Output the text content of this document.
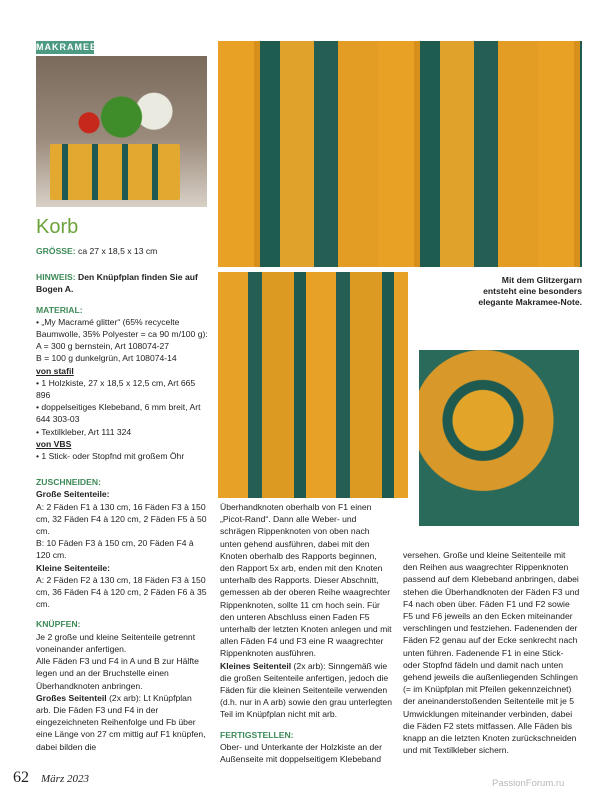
MAKRAMEE
Korb

GRÖSSE: ca 27 x 18,5 x 13 cm

HINWEIS: Den Knüpfplan finden Sie auf Bogen A.

MATERIAL:

• „My Macramé glitter“ (65% recycelte Baumwolle, 35% Polyester = ca 90 m/100 g):

A = 300 g bernstein, Art 108074-27

B = 100 g dunkelgrün, Art 108074-14

von stafil

• 1 Holzkiste, 27 x 18,5 x 12,5 cm, Art 665 896

• doppelseitiges Klebeband, 6 mm breit, Art 644 303-03

• Textilkleber, Art 111 324

von VBS

• 1 Stick- oder Stopfnd mit großem Öhr

ZUSCHNEIDEN:

Große Seitenteile:

A: 2 Fäden F1 à 130 cm, 16 Fäden F3 à 150 cm, 32 Fäden F4 à 120 cm, 2 Fäden F5 à 50 cm.

B: 10 Fäden F3 à 150 cm, 20 Fäden F4 à 120 cm.

Kleine Seitenteile:

A: 2 Fäden F2 à 130 cm, 18 Fäden F3 à 150 cm, 36 Fäden F4 à 120 cm, 2 Fäden F6 à 35 cm.

KNÜPFEN:

Je 2 große und kleine Seitenteile getrennt voneinander anfertigen.

Alle Fäden F3 und F4 in A und B zur Hälfte legen und an der Bruchstelle einen Überhandknoten anbringen.

Großes Seitenteil (2x arb): Lt Knüpfplan arb. Die Fäden F3 und F4 in der eingezeichneten Reihenfolge und Fb über eine Länge von 27 cm mittig auf F1 knüpfen, dabei bilden die

Mit dem Glitzergarn entsteht eine besonders elegante Makramee-Note.

Überhandknoten oberhalb von F1 einen „Picot-Rand“. Dann alle Weber- und schrägen Rippenknoten von oben nach unten gehend ausführen, dabei mit den Knoten oberhalb des Rapports beginnen, den Rapport 5x arb, enden mit den Knoten unterhalb des Rapports. Dieser Abschnitt, gemessen ab der oberen Reihe waagrechter Rippenknoten, sollte 11 cm hoch sein. Für den unteren Abschluss einen Faden F5 unterhalb der letzten Knoten anlegen und mit allen Fäden F4 und F3 eine R waagrechter Rippenknoten ausführen.

Kleines Seitenteil (2x arb): Sinngemäß wie die großen Seitenteile anfertigen, jedoch die Fäden für die kleinen Seitenteile verwenden (d.h. nur in A arb) sowie den grau unterlegten Teil im Knüpfplan nicht mit arb.

FERTIGSTELLEN:

Ober- und Unterkante der Holzkiste an der Außenseite mit doppelseitigem Klebeband

versehen. Große und kleine Seitenteile mit den Reihen aus waagrechter Rippenknoten passend auf dem Klebeband anbringen, dabei stehen die Überhandknoten der Fäden F3 und F4 nach oben über. Fäden F1 und F2 sowie F5 und F6 jeweils an den Ecken miteinander verschlingen und festziehen. Fadenenden der Fäden F2 genau auf der Ecke senkrecht nach unten führen. Fadenende F1 in eine Stick- oder Stopfnd fädeln und damit nach unten gehend jeweils die außenliegenden Schlingen (= im Knüpfplan mit Pfeilen gekennzeichnet) der aneinanderstoßenden Seitenteile mit je 5 Umwicklungen miteinander verbinden, dabei die Fäden F2 stets mitfassen. Alle Fäden bis knapp an die letzten Knoten zurückschneiden und mit Textilkleber sichern.

62 März 2023	PassionForum.ru
